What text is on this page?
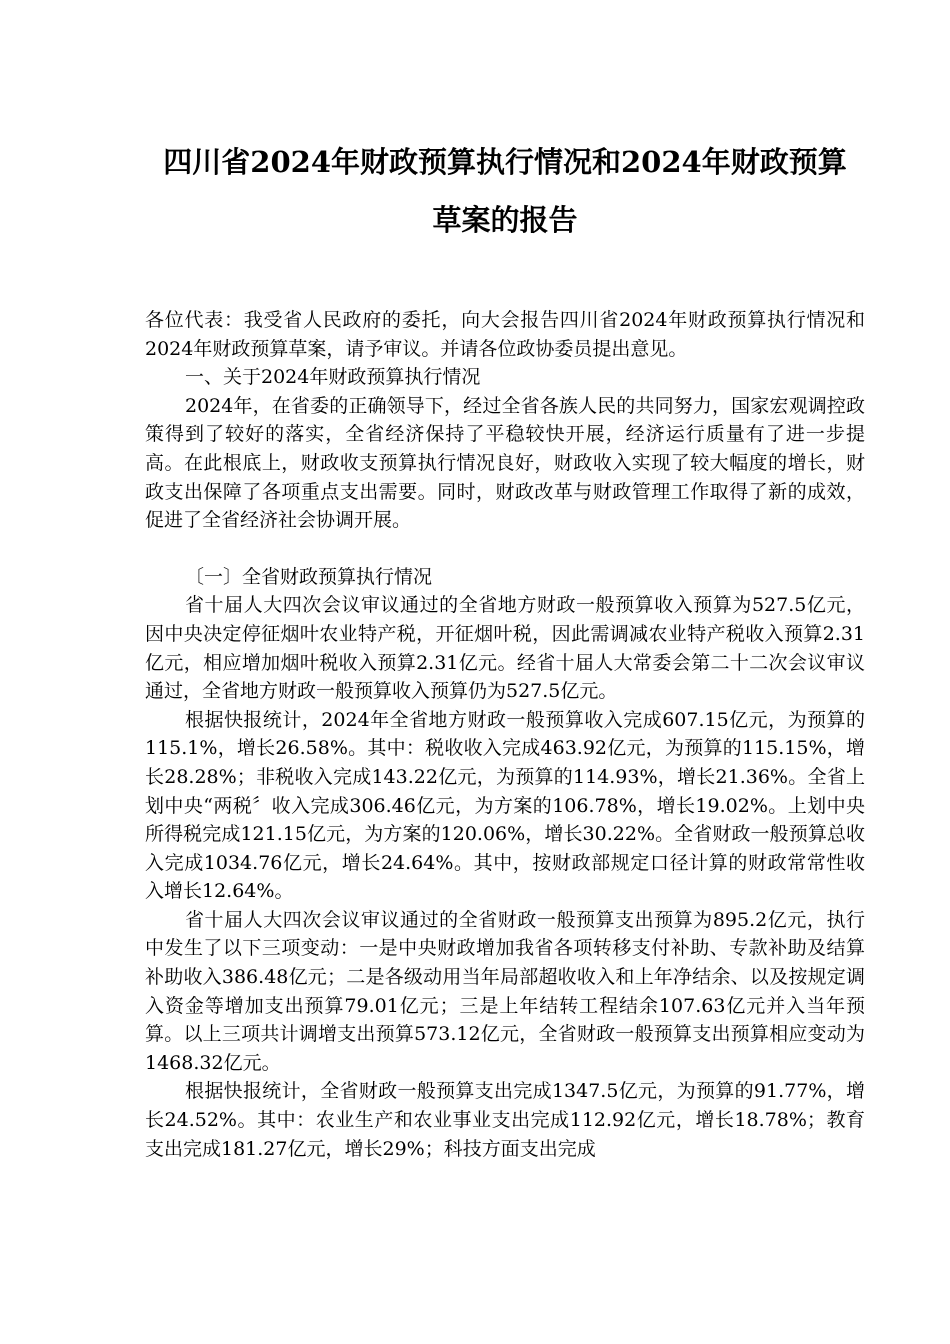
四川省2024年财政预算执行情况和2024年财政预算
草案的报告

各位代表：我受省人民政府的委托，向大会报告四川省2024年财政预算执行情况和2024年财政预算草案，请予审议。并请各位政协委员提出意见。

一、关于2024年财政预算执行情况

2024年，在省委的正确领导下，经过全省各族人民的共同努力，国家宏观调控政策得到了较好的落实，全省经济保持了平稳较快开展，经济运行质量有了进一步提高。在此根底上，财政收支预算执行情况良好，财政收入实现了较大幅度的增长，财政支出保障了各项重点支出需要。同时，财政改革与财政管理工作取得了新的成效，促进了全省经济社会协调开展。

〔一〕全省财政预算执行情况

省十届人大四次会议审议通过的全省地方财政一般预算收入预算为527.5亿元，因中央决定停征烟叶农业特产税，开征烟叶税，因此需调减农业特产税收入预算2.31亿元，相应增加烟叶税收入预算2.31亿元。经省十届人大常委会第二十二次会议审议通过，全省地方财政一般预算收入预算仍为527.5亿元。

根据快报统计，2024年全省地方财政一般预算收入完成607.15亿元，为预算的115.1%，增长26.58%。其中：税收收入完成463.92亿元，为预算的115.15%，增长28.28%；非税收入完成143.22亿元，为预算的114.93%，增长21.36%。全省上划中央“两税〞收入完成306.46亿元，为方案的106.78%，增长19.02%。上划中央所得税完成121.15亿元，为方案的120.06%，增长30.22%。全省财政一般预算总收入完成1034.76亿元，增长24.64%。其中，按财政部规定口径计算的财政常常性收入增长12.64%。

省十届人大四次会议审议通过的全省财政一般预算支出预算为895.2亿元，执行中发生了以下三项变动：一是中央财政增加我省各项转移支付补助、专款补助及结算补助收入386.48亿元；二是各级动用当年局部超收收入和上年净结余、以及按规定调入资金等增加支出预算79.01亿元；三是上年结转工程结余107.63亿元并入当年预算。以上三项共计调增支出预算573.12亿元，全省财政一般预算支出预算相应变动为1468.32亿元。

根据快报统计，全省财政一般预算支出完成1347.5亿元，为预算的91.77%，增长24.52%。其中：农业生产和农业事业支出完成112.92亿元，增长18.78%；教育支出完成181.27亿元，增长29%；科技方面支出完成
